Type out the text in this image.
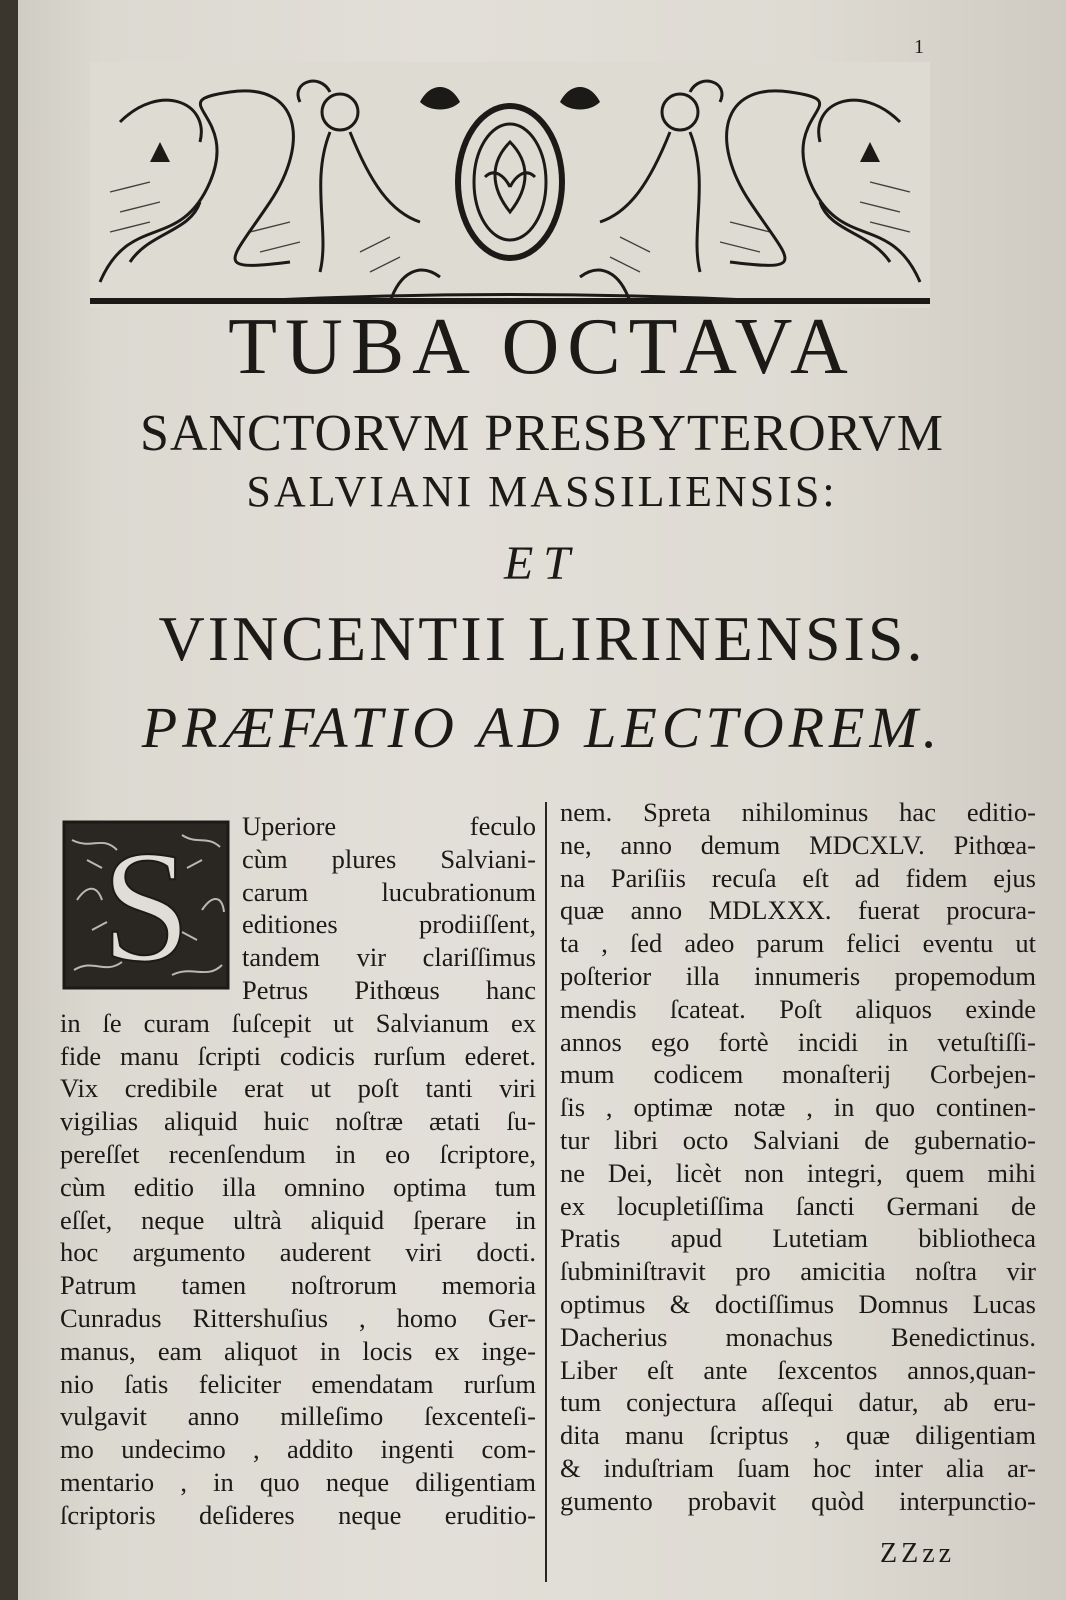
1
TUBA OCTAVA
SANCTORVM PRESBYTERORVM
SALVIANI MASSILIENSIS:
ET
VINCENTII LIRINENSIS.
PRÆFATIO AD LECTOREM.
S	Uperiore feculo
cùm plures Salviani-
carum lucubrationum
editiones prodiiſſent,
tandem vir clariſſimus
Petrus Pithœus hanc
in ſe curam ſuſcepit ut Salvianum ex
fide manu ſcripti codicis rurſum ederet.
Vix credibile erat ut poſt tanti viri
vigilias aliquid huic noſtræ ætati ſu-
pereſſet recenſendum in eo ſcriptore,
cùm editio illa omnino optima tum
eſſet, neque ultrà aliquid ſperare in
hoc argumento auderent viri docti.
Patrum tamen noſtrorum memoria
Cunradus Rittershuſius , homo Ger-
manus, eam aliquot in locis ex inge-
nio ſatis feliciter emendatam rurſum
vulgavit anno milleſimo ſexcenteſi-
mo undecimo , addito ingenti com-
mentario , in quo neque diligentiam
ſcriptoris deſideres neque eruditio-
nem. Spreta nihilominus hac editio-
ne, anno demum MDCXLV. Pithœa-
na Pariſiis recuſa eſt ad fidem ejus
quæ anno MDLXXX. fuerat procura-
ta , ſed adeo parum felici eventu ut
poſterior illa innumeris propemodum
mendis ſcateat. Poſt aliquos exinde
annos ego fortè incidi in vetuſtiſſi-
mum codicem monaſterij Corbejen-
ſis , optimæ notæ , in quo continen-
tur libri octo Salviani de gubernatio-
ne Dei, licèt non integri, quem mihi
ex locupletiſſima ſancti Germani de
Pratis apud Lutetiam bibliotheca
ſubminiſtravit pro amicitia noſtra vir
optimus & doctiſſimus Domnus Lucas
Dacherius monachus Benedictinus.
Liber eſt ante ſexcentos annos,quan-
tum conjectura aſſequi datur, ab eru-
dita manu ſcriptus , quæ diligentiam
& induſtriam ſuam hoc inter alia ar-
gumento probavit quòd interpunctio-
ZZzz
